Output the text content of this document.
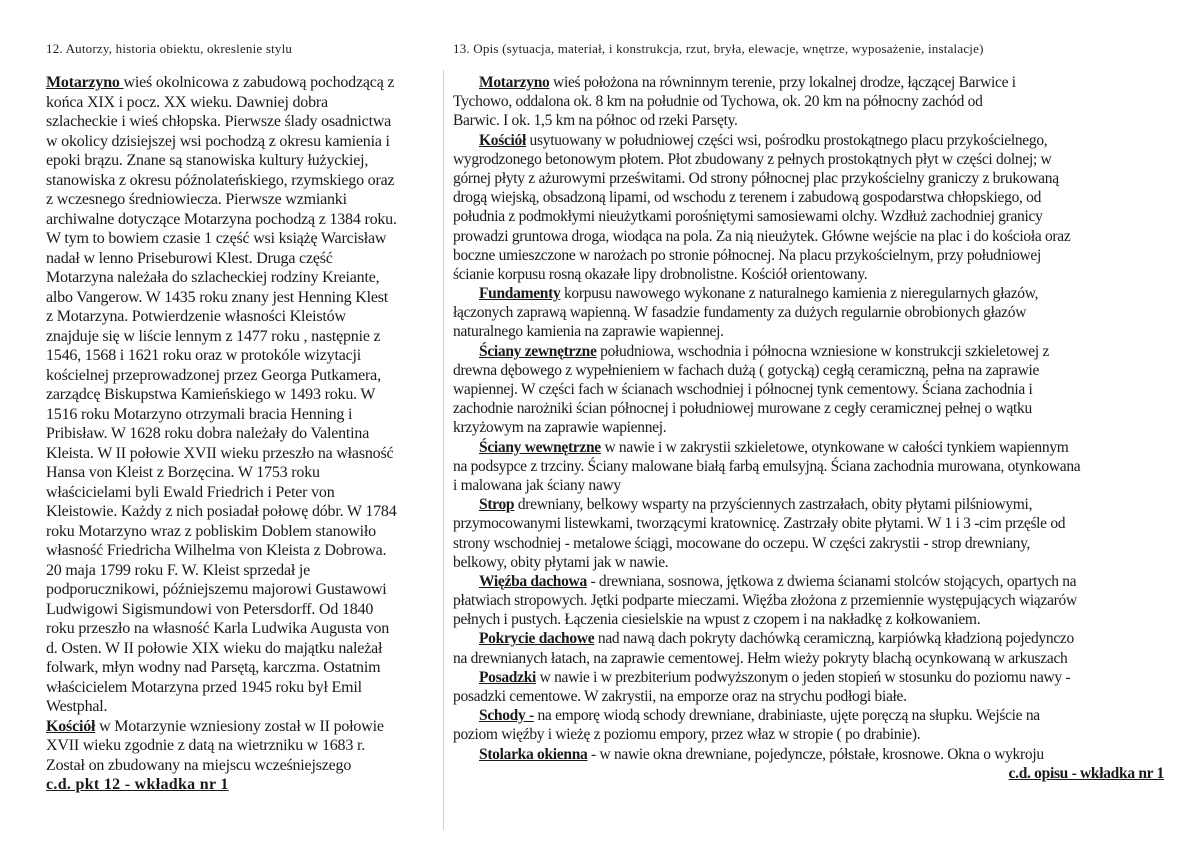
12. Autorzy, historia obiektu, okreslenie stylu	13. Opis (sytuacja, materiał, i konstrukcja, rzut, bryła, elewacje, wnętrze, wyposażenie, instalacje)
Motarzyno wieś okolnicowa z zabudową pochodzącą z
końca XIX i pocz. XX wieku. Dawniej dobra
szlacheckie i wieś chłopska. Pierwsze ślady osadnictwa
w okolicy dzisiejszej wsi pochodzą z okresu kamienia i
epoki brązu. Znane są stanowiska kultury łużyckiej,
stanowiska z okresu późnolateńskiego, rzymskiego oraz
z wczesnego średniowiecza. Pierwsze wzmianki
archiwalne dotyczące Motarzyna pochodzą z 1384 roku.
W tym to bowiem czasie 1 część wsi książę Warcisław
nadał w lenno Priseburowi Klest. Druga część
Motarzyna należała do szlacheckiej rodziny Kreiante,
albo Vangerow. W 1435 roku znany jest Henning Klest
z Motarzyna. Potwierdzenie własności Kleistów
znajduje się w liście lennym z 1477 roku , następnie z
1546, 1568 i 1621 roku oraz w protokóle wizytacji
kościelnej przeprowadzonej przez Georga Putkamera,
zarządcę Biskupstwa Kamieńskiego w 1493 roku. W
1516 roku Motarzyno otrzymali bracia Henning i
Pribisław. W 1628 roku dobra należały do Valentina
Kleista. W II połowie XVII wieku przeszło na własność
Hansa von Kleist z Borzęcina. W 1753 roku
właścicielami byli Ewald Friedrich i Peter von
Kleistowie. Każdy z nich posiadał połowę dóbr. W 1784
roku Motarzyno wraz z pobliskim Doblem stanowiło
własność Friedricha Wilhelma von Kleista z Dobrowa.
20 maja 1799 roku F. W. Kleist sprzedał je
podporucznikowi, późniejszemu majorowi Gustawowi
Ludwigowi Sigismundowi von Petersdorff. Od 1840
roku przeszło na własność Karla Ludwika Augusta von
d. Osten. W II połowie XIX wieku do majątku należał
folwark, młyn wodny nad Parsętą, karczma. Ostatnim
właścicielem Motarzyna przed 1945 roku był Emil
Westphal.
Kościół w Motarzynie wzniesiony został w II połowie
XVII wieku zgodnie z datą na wietrzniku w 1683 r.
Został on zbudowany na miejscu wcześniejszego
c.d. pkt 12 - wkładka nr 1
Motarzyno wieś położona na równinnym terenie, przy lokalnej drodze, łączącej Barwice i
Tychowo, oddalona ok. 8 km na południe od Tychowa, ok. 20 km na północny zachód od
Barwic. I ok. 1,5 km na północ od rzeki Parsęty.
Kościół usytuowany w południowej części wsi, pośrodku prostokątnego placu przykościelnego,
wygrodzonego betonowym płotem. Płot zbudowany z pełnych prostokątnych płyt w części dolnej; w
górnej płyty z ażurowymi prześwitami. Od strony północnej plac przykościelny graniczy z brukowaną
drogą wiejską, obsadzoną lipami, od wschodu z terenem i zabudową gospodarstwa chłopskiego, od
południa z podmokłymi nieużytkami porośniętymi samosiewami olchy. Wzdłuż zachodniej granicy
prowadzi gruntowa droga, wiodąca na pola. Za nią nieużytek. Główne wejście na plac i do kościoła oraz
boczne umieszczone w narożach po stronie północnej. Na placu przykościelnym, przy południowej
ścianie korpusu rosną okazałe lipy drobnolistne. Kościół orientowany.
Fundamenty korpusu nawowego wykonane z naturalnego kamienia z nieregularnych głazów,
łączonych zaprawą wapienną. W fasadzie fundamenty za dużych regularnie obrobionych głazów
naturalnego kamienia na zaprawie wapiennej.
Ściany zewnętrzne południowa, wschodnia i północna wzniesione w konstrukcji szkieletowej z
drewna dębowego z wypełnieniem w fachach dużą ( gotycką) cegłą ceramiczną, pełna na zaprawie
wapiennej. W części fach w ścianach wschodniej i północnej tynk cementowy. Ściana zachodnia i
zachodnie narożniki ścian północnej i południowej murowane z cegły ceramicznej pełnej o wątku
krzyżowym na zaprawie wapiennej.
Ściany wewnętrzne w nawie i w zakrystii szkieletowe, otynkowane w całości tynkiem wapiennym
na podsypce z trzciny. Ściany malowane białą farbą emulsyjną. Ściana zachodnia murowana, otynkowana
i malowana jak ściany nawy
Strop drewniany, belkowy wsparty na przyściennych zastrzałach, obity płytami pilśniowymi,
przymocowanymi listewkami, tworzącymi kratownicę. Zastrzały obite płytami. W 1 i 3 -cim przęśle od
strony wschodniej - metalowe ściągi, mocowane do oczepu. W części zakrystii - strop drewniany,
belkowy, obity płytami jak w nawie.
Więźba dachowa - drewniana, sosnowa, jętkowa z dwiema ścianami stolców stojących, opartych na
płatwiach stropowych. Jętki podparte mieczami. Więźba złożona z przemiennie występujących wiązarów
pełnych i pustych. Łączenia ciesielskie na wpust z czopem i na nakładkę z kołkowaniem.
Pokrycie dachowe nad nawą dach pokryty dachówką ceramiczną, karpiówką kładzioną pojedynczo
na drewnianych łatach, na zaprawie cementowej. Hełm wieży pokryty blachą ocynkowaną w arkuszach
Posadzki w nawie i w prezbiterium podwyższonym o jeden stopień w stosunku do poziomu nawy -
posadzki cementowe. W zakrystii, na emporze oraz na strychu podłogi białe.
Schody - na emporę wiodą schody drewniane, drabiniaste, ujęte poręczą na słupku. Wejście na
poziom więźby i wieżę z poziomu empory, przez właz w stropie ( po drabinie).
Stolarka okienna - w nawie okna drewniane, pojedyncze, półstałe, krosnowe. Okna o wykroju
c.d. opisu - wkładka nr 1
